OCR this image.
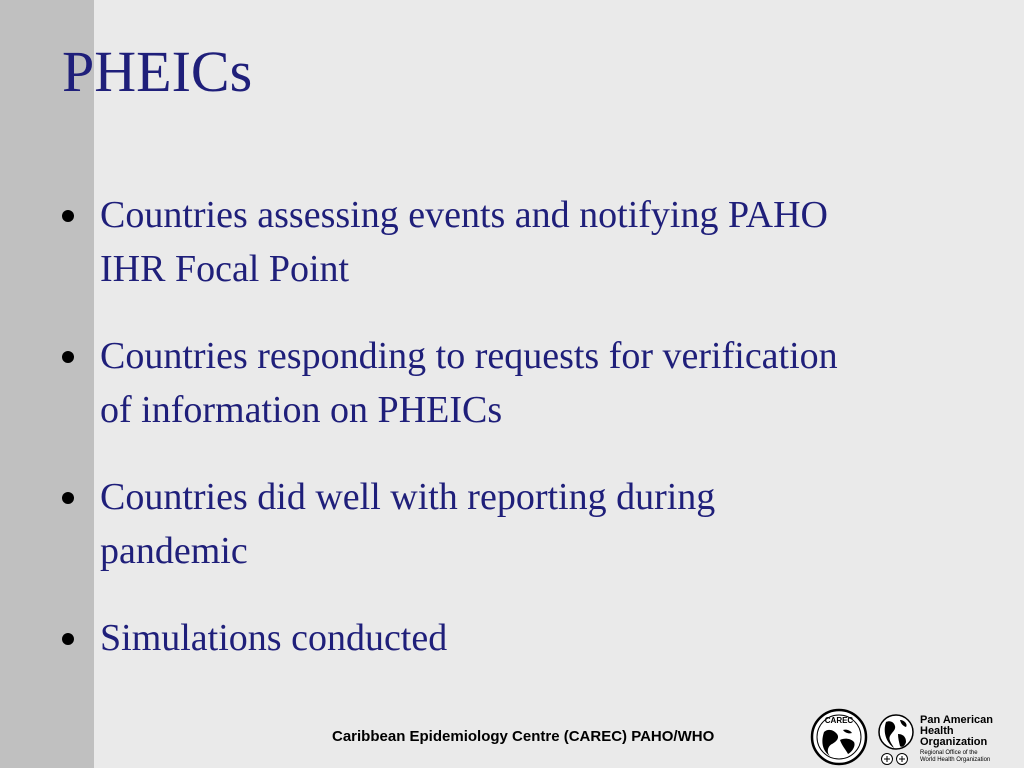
PHEICs
Countries assessing events and notifying PAHO
IHR Focal Point
Countries responding to requests for verification
of information on PHEICs
Countries did well with reporting during
pandemic
Simulations conducted
Caribbean Epidemiology Centre (CAREC) PAHO/WHO
CAREC	Pan American
Health
Organization
Regional Office of the
World Health Organization
